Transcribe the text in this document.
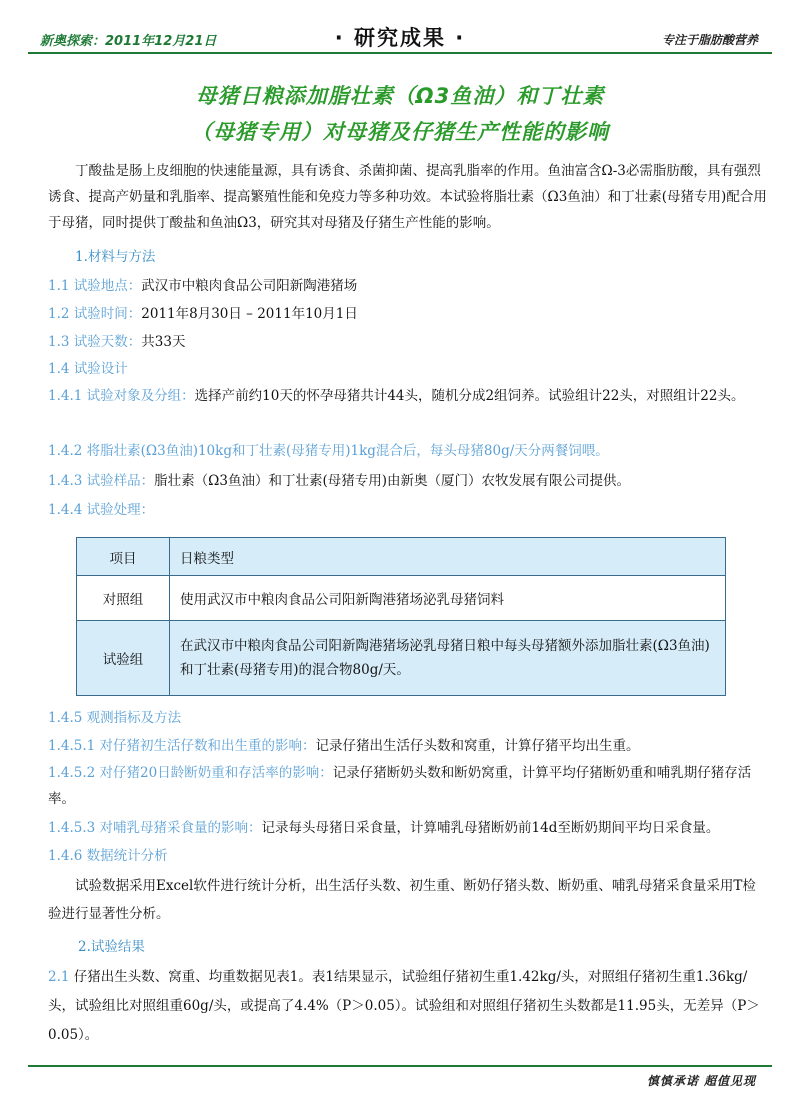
新奥探索：2011年12月21日	· 研究成果 ·	专注于脂肪酸营养
母猪日粮添加脂壮素（Ω3鱼油）和丁壮素
（母猪专用）对母猪及仔猪生产性能的影响
丁酸盐是肠上皮细胞的快速能量源，具有诱食、杀菌抑菌、提高乳脂率的作用。鱼油富含Ω-3必需脂肪酸，具有强烈诱食、提高产奶量和乳脂率、提高繁殖性能和免疫力等多种功效。本试验将脂壮素（Ω3鱼油）和丁壮素(母猪专用)配合用于母猪，同时提供丁酸盐和鱼油Ω3，研究其对母猪及仔猪生产性能的影响。
1.材料与方法
1.1 试验地点：武汉市中粮肉食品公司阳新陶港猪场
1.2 试验时间：2011年8月30日 – 2011年10月1日
1.3 试验天数：共33天
1.4 试验设计
1.4.1 试验对象及分组：选择产前约10天的怀孕母猪共计44头，随机分成2组饲养。试验组计22头，对照组计22头。
1.4.2 将脂壮素(Ω3鱼油)10kg和丁壮素(母猪专用)1kg混合后，每头母猪80g/天分两餐饲喂。
1.4.3 试验样品：脂壮素（Ω3鱼油）和丁壮素(母猪专用)由新奥（厦门）农牧发展有限公司提供。
1.4.4 试验处理：
项目	日粮类型
对照组	使用武汉市中粮肉食品公司阳新陶港猪场泌乳母猪饲料
试验组	在武汉市中粮肉食品公司阳新陶港猪场泌乳母猪日粮中每头母猪额外添加脂壮素(Ω3鱼油)和丁壮素(母猪专用)的混合物80g/天。
1.4.5 观测指标及方法
1.4.5.1 对仔猪初生活仔数和出生重的影响：记录仔猪出生活仔头数和窝重，计算仔猪平均出生重。
1.4.5.2 对仔猪20日龄断奶重和存活率的影响：记录仔猪断奶头数和断奶窝重，计算平均仔猪断奶重和哺乳期仔猪存活率。
1.4.5.3 对哺乳母猪采食量的影响：记录每头母猪日采食量，计算哺乳母猪断奶前14d至断奶期间平均日采食量。
1.4.6 数据统计分析
试验数据采用Excel软件进行统计分析，出生活仔头数、初生重、断奶仔猪头数、断奶重、哺乳母猪采食量采用T检验进行显著性分析。
2.试验结果
2.1 仔猪出生头数、窝重、均重数据见表1。表1结果显示，试验组仔猪初生重1.42kg/头，对照组仔猪初生重1.36kg/头，试验组比对照组重60g/头，或提高了4.4%（P＞0.05）。试验组和对照组仔猪初生头数都是11.95头，无差异（P＞0.05）。
慎慎承诺 超值见现
